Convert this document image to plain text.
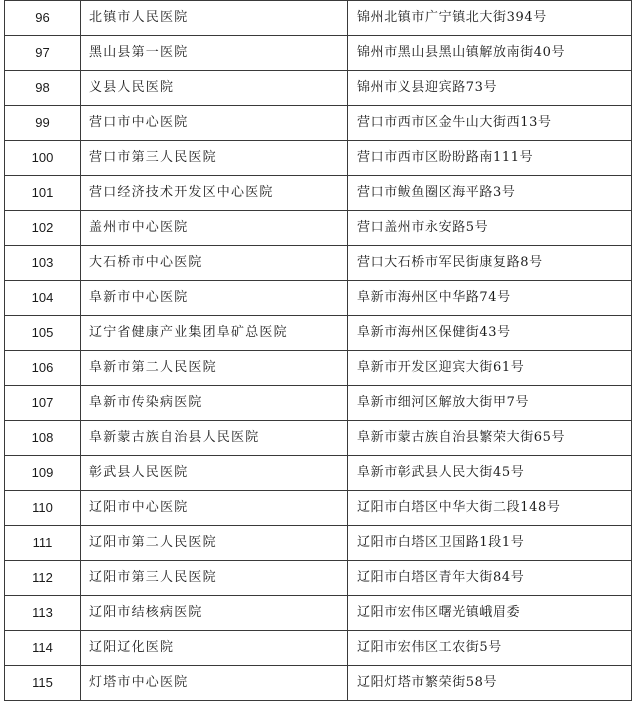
96	北镇市人民医院	锦州北镇市广宁镇北大街394号
97	黑山县第一医院	锦州市黑山县黑山镇解放南街40号
98	义县人民医院	锦州市义县迎宾路73号
99	营口市中心医院	营口市西市区金牛山大街西13号
100	营口市第三人民医院	营口市西市区盼盼路南111号
101	营口经济技术开发区中心医院	营口市鲅鱼圈区海平路3号
102	盖州市中心医院	营口盖州市永安路5号
103	大石桥市中心医院	营口大石桥市军民街康复路8号
104	阜新市中心医院	阜新市海州区中华路74号
105	辽宁省健康产业集团阜矿总医院	阜新市海州区保健街43号
106	阜新市第二人民医院	阜新市开发区迎宾大街61号
107	阜新市传染病医院	阜新市细河区解放大街甲7号
108	阜新蒙古族自治县人民医院	阜新市蒙古族自治县繁荣大街65号
109	彰武县人民医院	阜新市彰武县人民大街45号
110	辽阳市中心医院	辽阳市白塔区中华大街二段148号
111	辽阳市第二人民医院	辽阳市白塔区卫国路1段1号
112	辽阳市第三人民医院	辽阳市白塔区青年大街84号
113	辽阳市结核病医院	辽阳市宏伟区曙光镇峨眉委
114	辽阳辽化医院	辽阳市宏伟区工农街5号
115	灯塔市中心医院	辽阳灯塔市繁荣街58号
